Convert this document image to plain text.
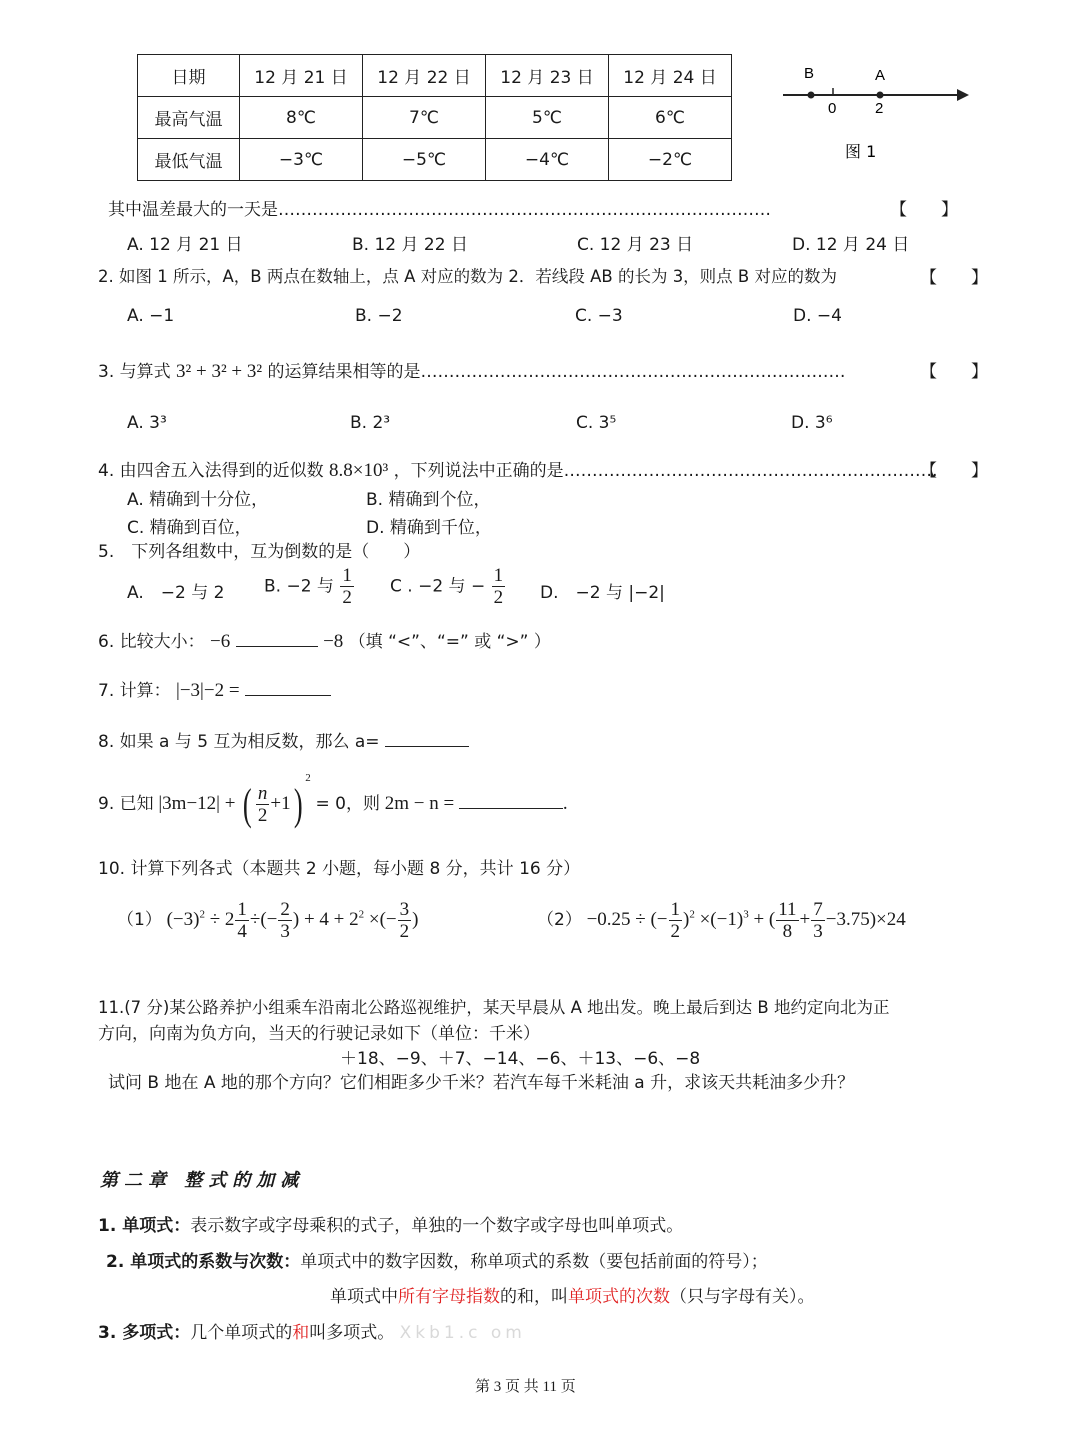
日期	12 月 21 日	12 月 22 日	12 月 23 日	12 月 24 日
最高气温	8℃	7℃	5℃	6℃
最低气温	−3℃	−5℃	−4℃	−2℃
B	A
0	2
图 1
其中温差最大的一天是……………………………………………………………………………	【　　】
A. 12 月 21 日	B. 12 月 22 日	C. 12 月 23 日	D. 12 月 24 日
2. 如图 1 所示，A，B 两点在数轴上，点 A 对应的数为 2．若线段 AB 的长为 3，则点 B 对应的数为	【　　】
A. −1	B. −2	C. −3	D. −4
3. 与算式 3² + 3² + 3² 的运算结果相等的是…………………………………………………………………	【　　】
A. 3³	B. 2³	C. 3⁵	D. 3⁶
4. 由四舍五入法得到的近似数 8.8×10³ ，下列说法中正确的是…………………………………………………………
【　　】
A. 精确到十分位，	B. 精确到个位，
C. 精确到百位，	D. 精确到千位，
5.　下列各组数中，互为倒数的是（　　）
A.　−2 与 2 B. −2 与 $\frac{1}{2}$ C . −2 与 − $\frac{1}{2} D$.　−2 与 |−2|
6. 比较大小： −6	−8 （填 “<”、“=” 或 “>” ）
7. 计算： |−3|−2 =
8. 如果 a 与 5 互为相反数，那么 a=
9. 已知 |3m−12| + ( $\frac{n}{2} +1)^2 = 0$，则 2m − n =	.
10. 计算下列各式（本题共 2 小题，每小题 8 分，共计 16 分）
（1） $(-3)^2 \div 2 \frac{1}{4}$ ÷(− $\frac{2}{3}$ ) + $4 + 2^2$ ×(− $\frac{3}{2}$ )	（2） −0.25 ÷ (− $\frac{1}{2} )^2 \times(-1)^3$ + ( $\frac{11}{8} + \frac{7}{3} -3.75)\times 24$
11.(7 分)某公路养护小组乘车沿南北公路巡视维护，某天早晨从 A 地出发。晚上最后到达 B 地约定向北为正
方向，向南为负方向，当天的行驶记录如下（单位：千米）
＋18、−9、＋7、−14、−6、＋13、−6、−8
试问 B 地在 A 地的那个方向？它们相距多少千米？若汽车每千米耗油 a 升，求该天共耗油多少升？
第二章 整式的加减
1. 单项式：表示数字或字母乘积的式子，单独的一个数字或字母也叫单项式。
2. 单项式的系数与次数：单项式中的数字因数，称单项式的系数（要包括前面的符号）；
单项式中所有字母指数的和，叫单项式的次数（只与字母有关）。
3. 多项式：几个单项式的和叫多项式。 Xkb1.c om
第 3 页 共 11 页
